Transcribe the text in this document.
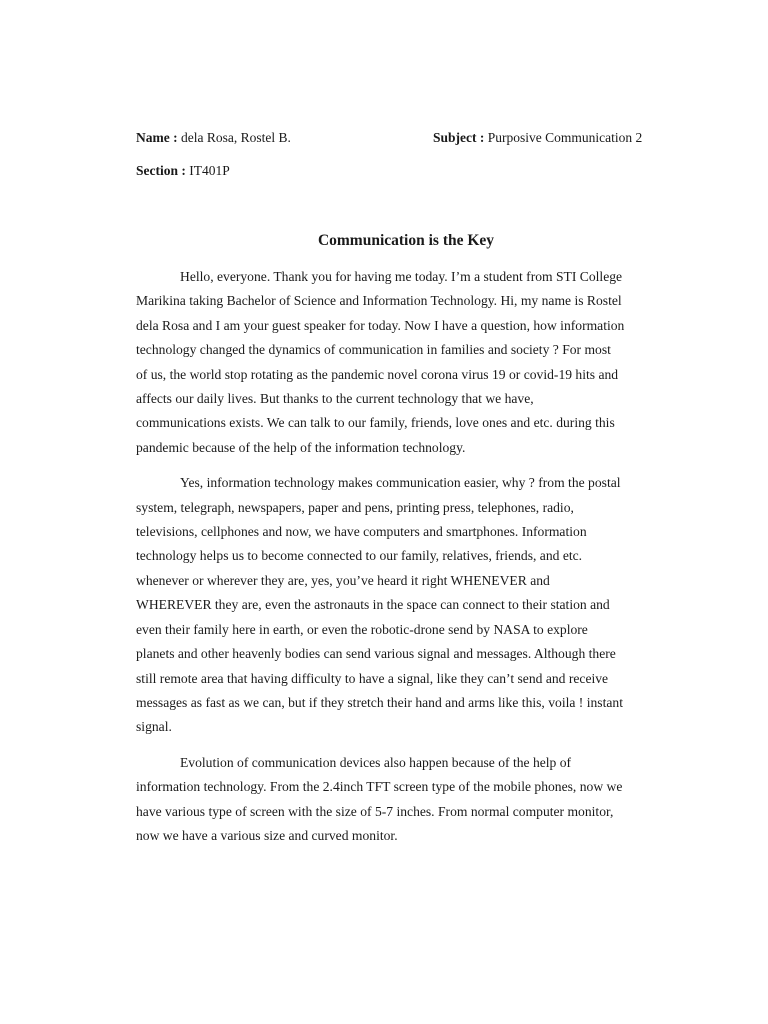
Name : dela Rosa, Rostel B.	Subject : Purposive Communication 2
Section : IT401P
Communication is the Key

Hello, everyone. Thank you for having me today. I’m a student from STI College
Marikina taking Bachelor of Science and Information Technology. Hi, my name is Rostel
dela Rosa and I am your guest speaker for today. Now I have a question, how information
technology changed the dynamics of communication in families and society ? For most
of us, the world stop rotating as the pandemic novel corona virus 19 or covid-19 hits and
affects our daily lives. But thanks to the current technology that we have,
communications exists. We can talk to our family, friends, love ones and etc. during this
pandemic because of the help of the information technology.

Yes, information technology makes communication easier, why ? from the postal
system, telegraph, newspapers, paper and pens, printing press, telephones, radio,
televisions, cellphones and now, we have computers and smartphones. Information
technology helps us to become connected to our family, relatives, friends, and etc.
whenever or wherever they are, yes, you’ve heard it right WHENEVER and
WHEREVER they are, even the astronauts in the space can connect to their station and
even their family here in earth, or even the robotic-drone send by NASA to explore
planets and other heavenly bodies can send various signal and messages. Although there
still remote area that having difficulty to have a signal, like they can’t send and receive
messages as fast as we can, but if they stretch their hand and arms like this, voila ! instant
signal.

Evolution of communication devices also happen because of the help of
information technology. From the 2.4inch TFT screen type of the mobile phones, now we
have various type of screen with the size of 5-7 inches. From normal computer monitor,
now we have a various size and curved monitor.
